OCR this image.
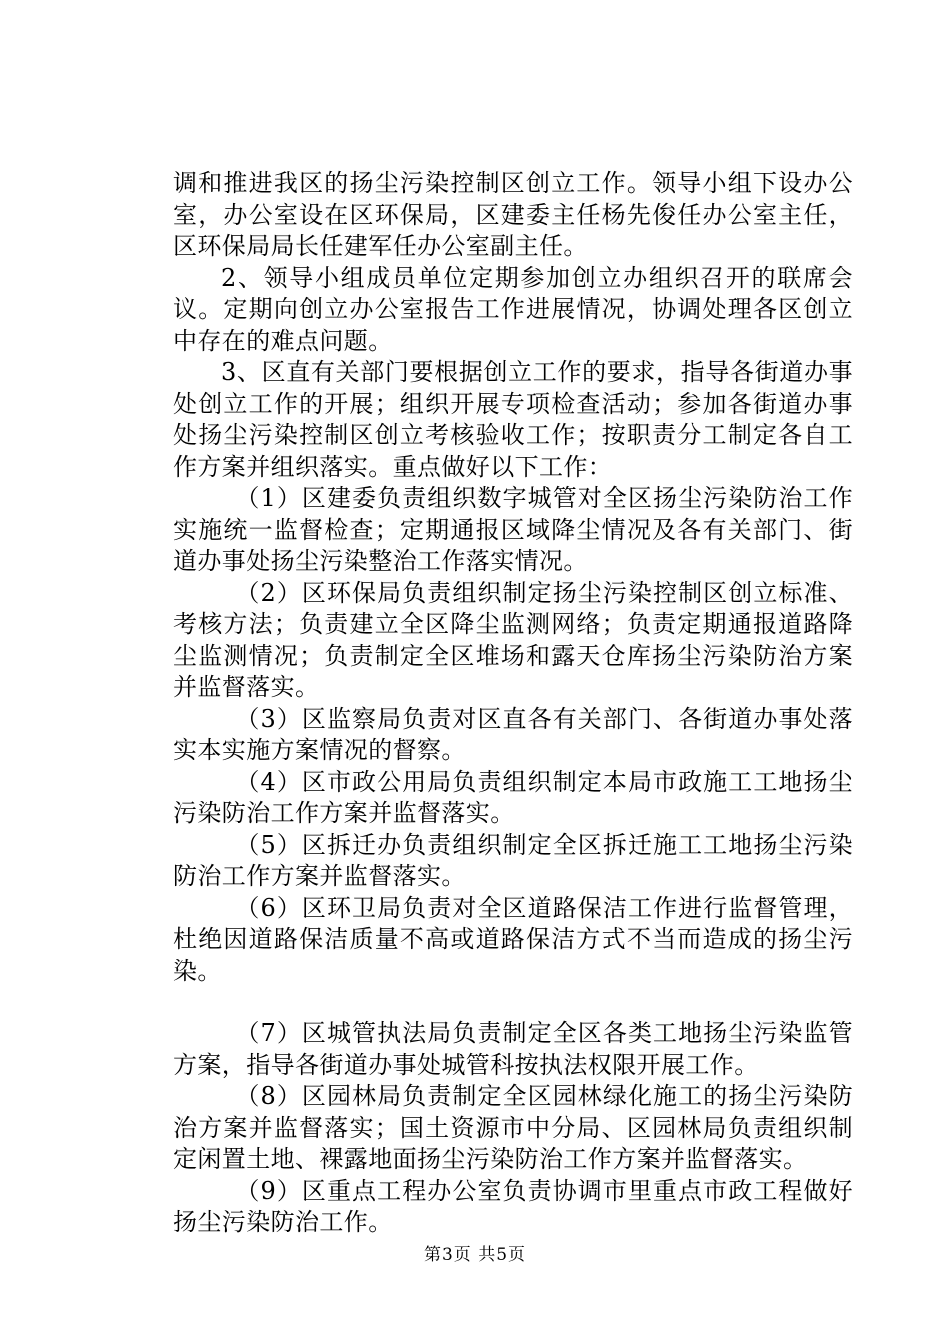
调和推进我区的扬尘污染控制区创立工作。领导小组下设办公室，办公室设在区环保局，区建委主任杨先俊任办公室主任，区环保局局长任建军任办公室副主任。

2、领导小组成员单位定期参加创立办组织召开的联席会议。定期向创立办公室报告工作进展情况，协调处理各区创立中存在的难点问题。

3、区直有关部门要根据创立工作的要求，指导各街道办事处创立工作的开展；组织开展专项检查活动；参加各街道办事处扬尘污染控制区创立考核验收工作；按职责分工制定各自工作方案并组织落实。重点做好以下工作：

（1）区建委负责组织数字城管对全区扬尘污染防治工作实施统一监督检查；定期通报区域降尘情况及各有关部门、街道办事处扬尘污染整治工作落实情况。

（2）区环保局负责组织制定扬尘污染控制区创立标准、考核方法；负责建立全区降尘监测网络；负责定期通报道路降尘监测情况；负责制定全区堆场和露天仓库扬尘污染防治方案并监督落实。

（3）区监察局负责对区直各有关部门、各街道办事处落实本实施方案情况的督察。

（4）区市政公用局负责组织制定本局市政施工工地扬尘污染防治工作方案并监督落实。

（5）区拆迁办负责组织制定全区拆迁施工工地扬尘污染防治工作方案并监督落实。

（6）区环卫局负责对全区道路保洁工作进行监督管理，杜绝因道路保洁质量不高或道路保洁方式不当而造成的扬尘污染。

（7）区城管执法局负责制定全区各类工地扬尘污染监管方案，指导各街道办事处城管科按执法权限开展工作。

（8）区园林局负责制定全区园林绿化施工的扬尘污染防治方案并监督落实；国土资源市中分局、区园林局负责组织制定闲置土地、裸露地面扬尘污染防治工作方案并监督落实。

（9）区重点工程办公室负责协调市里重点市政工程做好扬尘污染防治工作。

第3页 共5页
